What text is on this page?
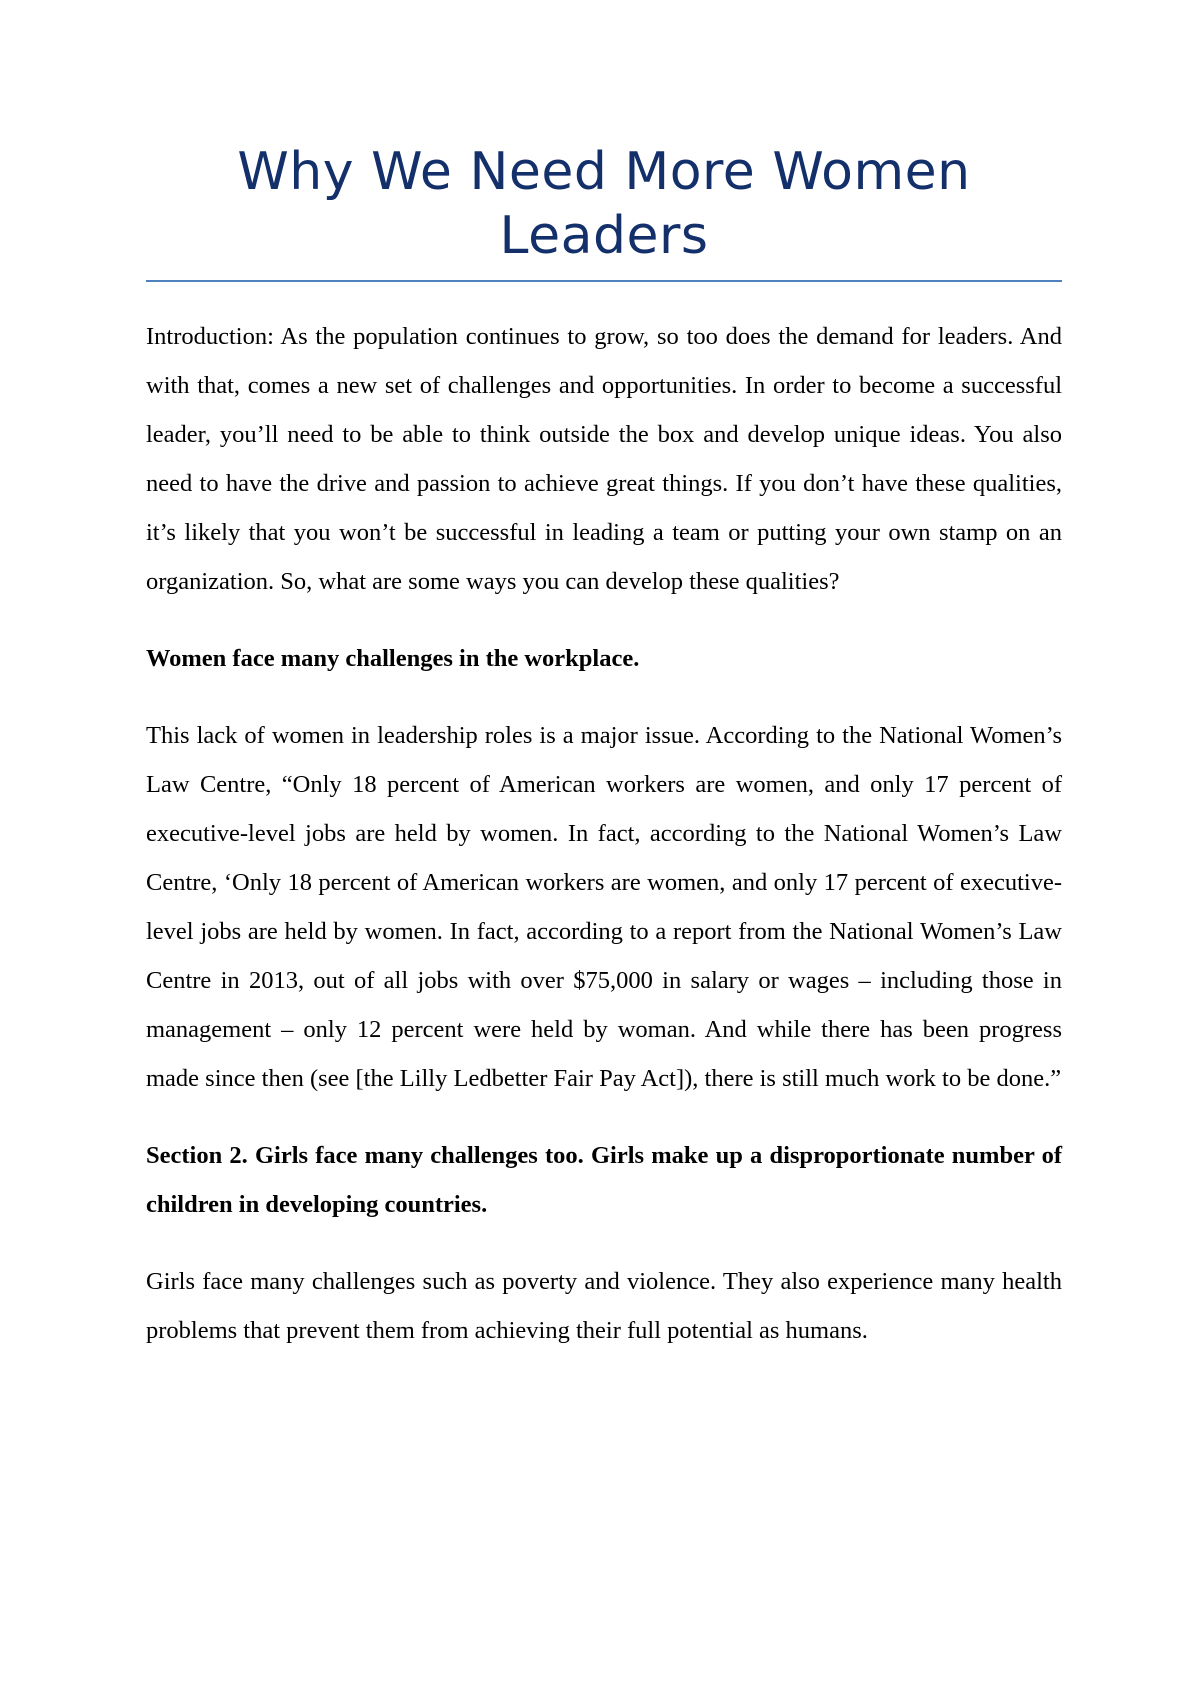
Why We Need More Women Leaders

Introduction: As the population continues to grow, so too does the demand for leaders. And with that, comes a new set of challenges and opportunities. In order to become a successful leader, you’ll need to be able to think outside the box and develop unique ideas. You also need to have the drive and passion to achieve great things. If you don’t have these qualities, it’s likely that you won’t be successful in leading a team or putting your own stamp on an organization. So, what are some ways you can develop these qualities?

Women face many challenges in the workplace.

This lack of women in leadership roles is a major issue. According to the National Women’s Law Centre, “Only 18 percent of American workers are women, and only 17 percent of executive-level jobs are held by women. In fact, according to the National Women’s Law Centre, ‘Only 18 percent of American workers are women, and only 17 percent of executive-level jobs are held by women. In fact, according to a report from the National Women’s Law Centre in 2013, out of all jobs with over $75,000 in salary or wages – including those in management – only 12 percent were held by woman. And while there has been progress made since then (see [the Lilly Ledbetter Fair Pay Act]), there is still much work to be done.”

Section 2. Girls face many challenges too. Girls make up a disproportionate number of children in developing countries.

Girls face many challenges such as poverty and violence. They also experience many health problems that prevent them from achieving their full potential as humans.
